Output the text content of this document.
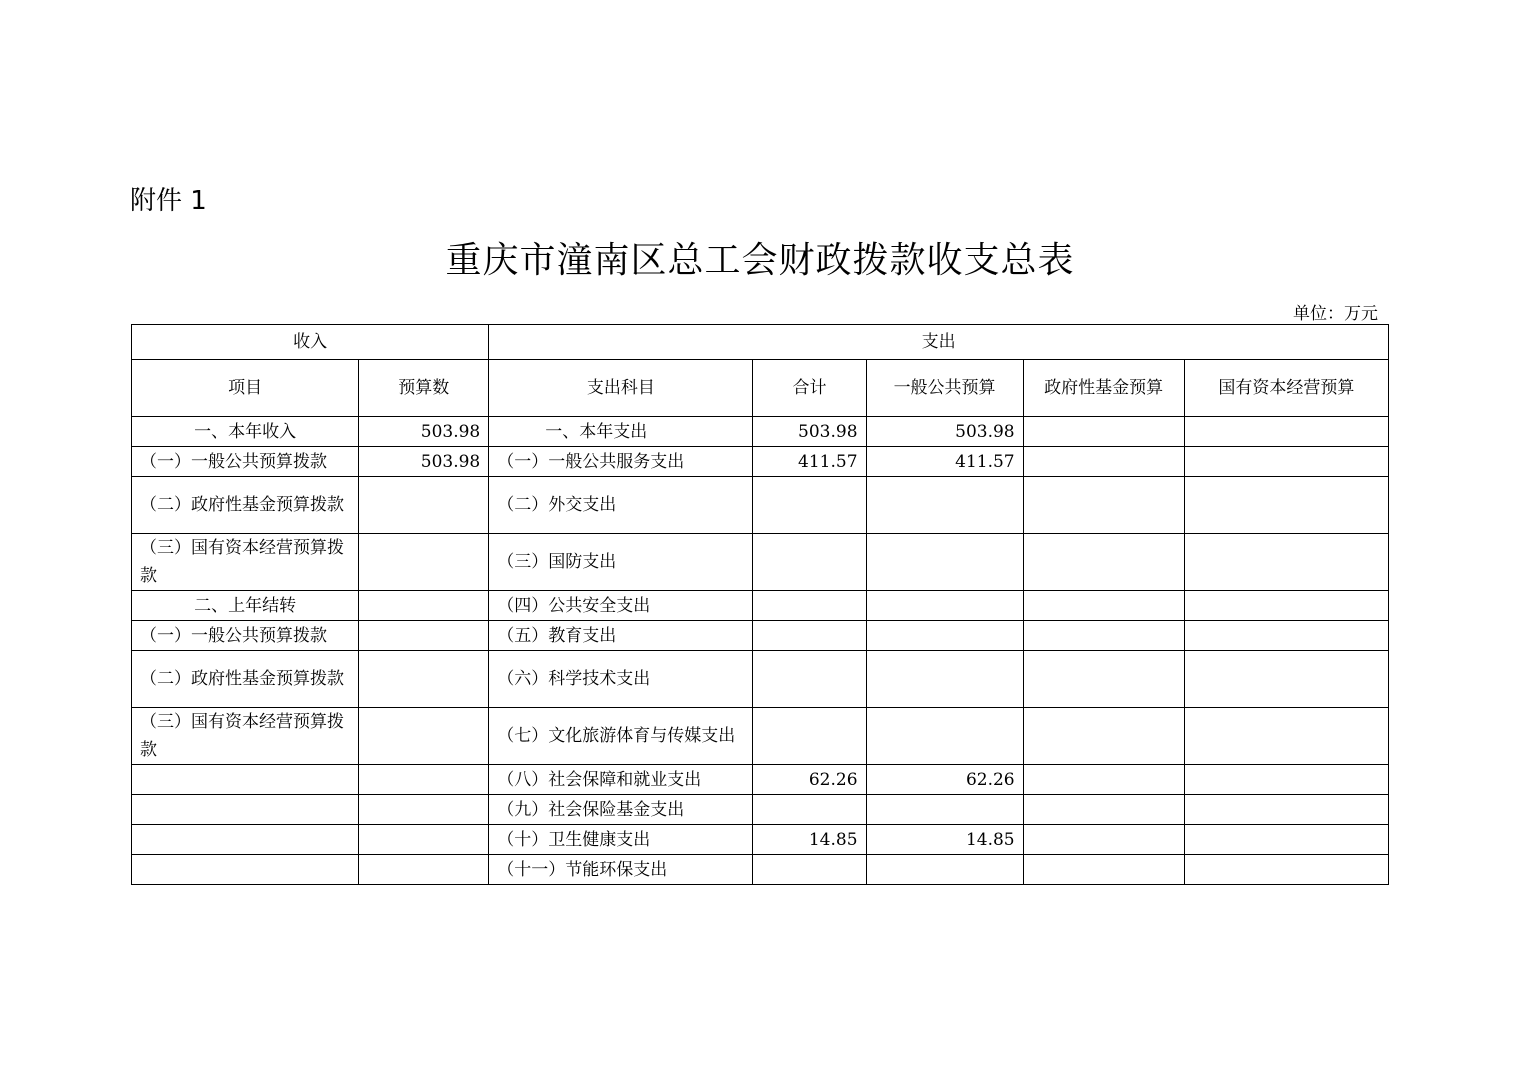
附件 1
重庆市潼南区总工会财政拨款收支总表
单位：万元
收入		支出				
项目	预算数	支出科目	合计	一般公共预算	政府性基金预算	国有资本经营预算
一、本年收入	503.98	一、本年支出	503.98	503.98		
（一）一般公共预算拨款	503.98	（一）一般公共服务支出	411.57	411.57		
（二）政府性基金预算拨款		（二）外交支出				
（三）国有资本经营预算拨款		（三）国防支出				
二、上年结转		（四）公共安全支出				
（一）一般公共预算拨款		（五）教育支出				
（二）政府性基金预算拨款		（六）科学技术支出				
（三）国有资本经营预算拨款		（七）文化旅游体育与传媒支出				
		（八）社会保障和就业支出	62.26	62.26		
		（九）社会保险基金支出				
		（十）卫生健康支出	14.85	14.85		
		（十一）节能环保支出				
